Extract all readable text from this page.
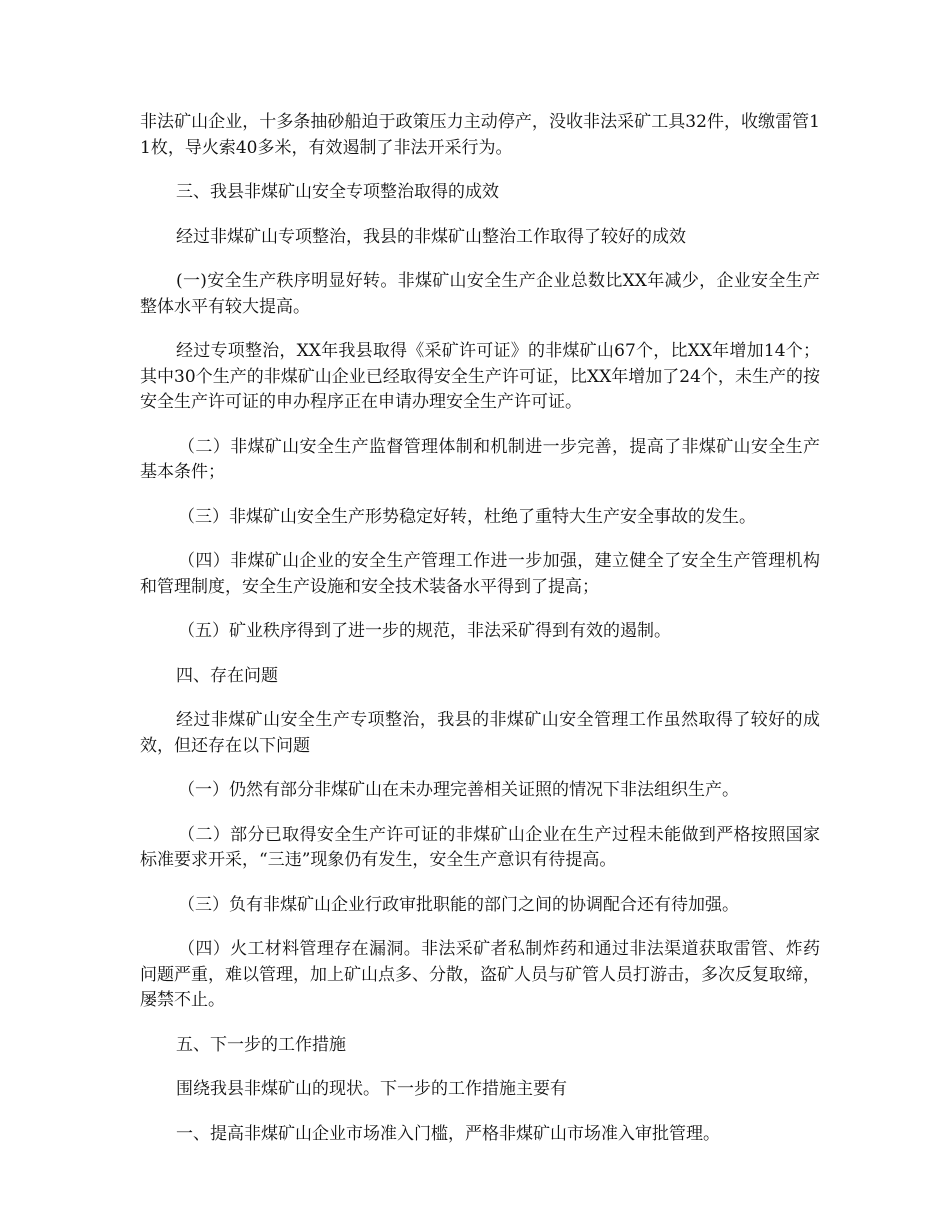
非法矿山企业，十多条抽砂船迫于政策压力主动停产，没收非法采矿工具32件，收缴雷管11枚，导火索40多米，有效遏制了非法开采行为。

三、我县非煤矿山安全专项整治取得的成效

经过非煤矿山专项整治，我县的非煤矿山整治工作取得了较好的成效

(一)安全生产秩序明显好转。非煤矿山安全生产企业总数比XX年减少，企业安全生产整体水平有较大提高。

经过专项整治，XX年我县取得《采矿许可证》的非煤矿山67个，比XX年增加14个；其中30个生产的非煤矿山企业已经取得安全生产许可证，比XX年增加了24个，未生产的按安全生产许可证的申办程序正在申请办理安全生产许可证。

（二）非煤矿山安全生产监督管理体制和机制进一步完善，提高了非煤矿山安全生产基本条件；

（三）非煤矿山安全生产形势稳定好转，杜绝了重特大生产安全事故的发生。

（四）非煤矿山企业的安全生产管理工作进一步加强，建立健全了安全生产管理机构和管理制度，安全生产设施和安全技术装备水平得到了提高；

（五）矿业秩序得到了进一步的规范，非法采矿得到有效的遏制。

四、存在问题

经过非煤矿山安全生产专项整治，我县的非煤矿山安全管理工作虽然取得了较好的成效，但还存在以下问题

（一）仍然有部分非煤矿山在未办理完善相关证照的情况下非法组织生产。

（二）部分已取得安全生产许可证的非煤矿山企业在生产过程未能做到严格按照国家标准要求开采，“三违”现象仍有发生，安全生产意识有待提高。

（三）负有非煤矿山企业行政审批职能的部门之间的协调配合还有待加强。

（四）火工材料管理存在漏洞。非法采矿者私制炸药和通过非法渠道获取雷管、炸药问题严重，难以管理，加上矿山点多、分散，盗矿人员与矿管人员打游击，多次反复取缔，屡禁不止。

五、下一步的工作措施

围绕我县非煤矿山的现状。下一步的工作措施主要有

一、提高非煤矿山企业市场准入门槛，严格非煤矿山市场准入审批管理。
